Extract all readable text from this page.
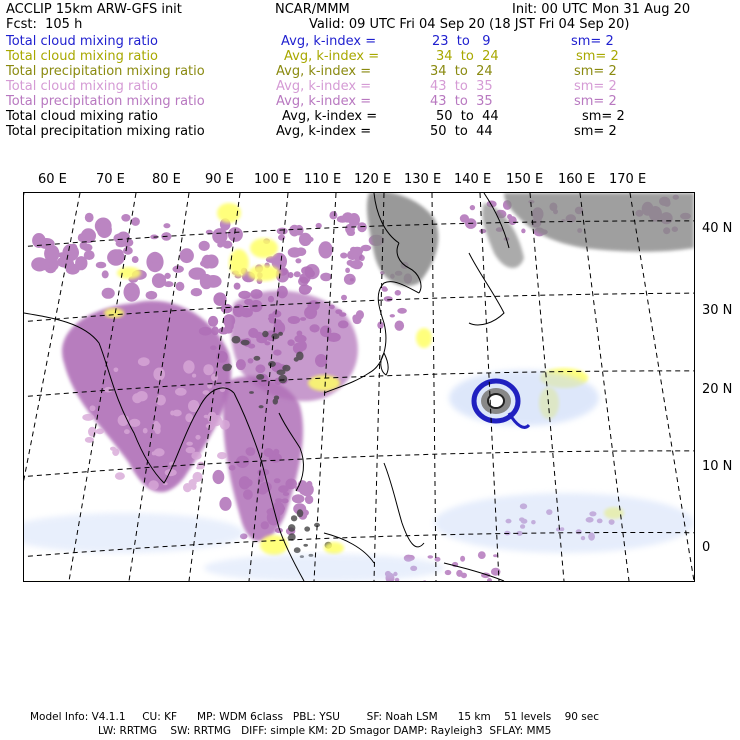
ACCLIP 15km ARW-GFS init	NCAR/MMM	Init: 00 UTC Mon 31 Aug 20
Fcst:  105 h	Valid: 09 UTC Fri 04 Sep 20 (18 JST Fri 04 Sep 20)
Total cloud mixing ratio	Avg, k-index =	23  to   9	sm= 2
Total cloud mixing ratio	Avg, k-index =	34  to  24	sm= 2
Total precipitation mixing ratio	Avg, k-index =	34  to  24	sm= 2
Total cloud mixing ratio	Avg, k-index =	43  to  35	sm= 2
Total precipitation mixing ratio	Avg, k-index =	43  to  35	sm= 2
Total cloud mixing ratio	Avg, k-index =	50  to  44	sm= 2
Total precipitation mixing ratio	Avg, k-index =	50  to  44	sm= 2
60 E 70 E 80 E 90 E 100 E 110 E 120 E 130 E 140 E 150 E 160 E 170 E
40 N
30 N
20 N
10 N
0
Model Info: V4.1.1     CU: KF      MP: WDM 6class   PBL: YSU        SF: Noah LSM      15 km    51 levels    90 sec
LW: RRTMG    SW: RRTMG   DIFF: simple KM: 2D Smagor DAMP: Rayleigh3  SFLAY: MM5
